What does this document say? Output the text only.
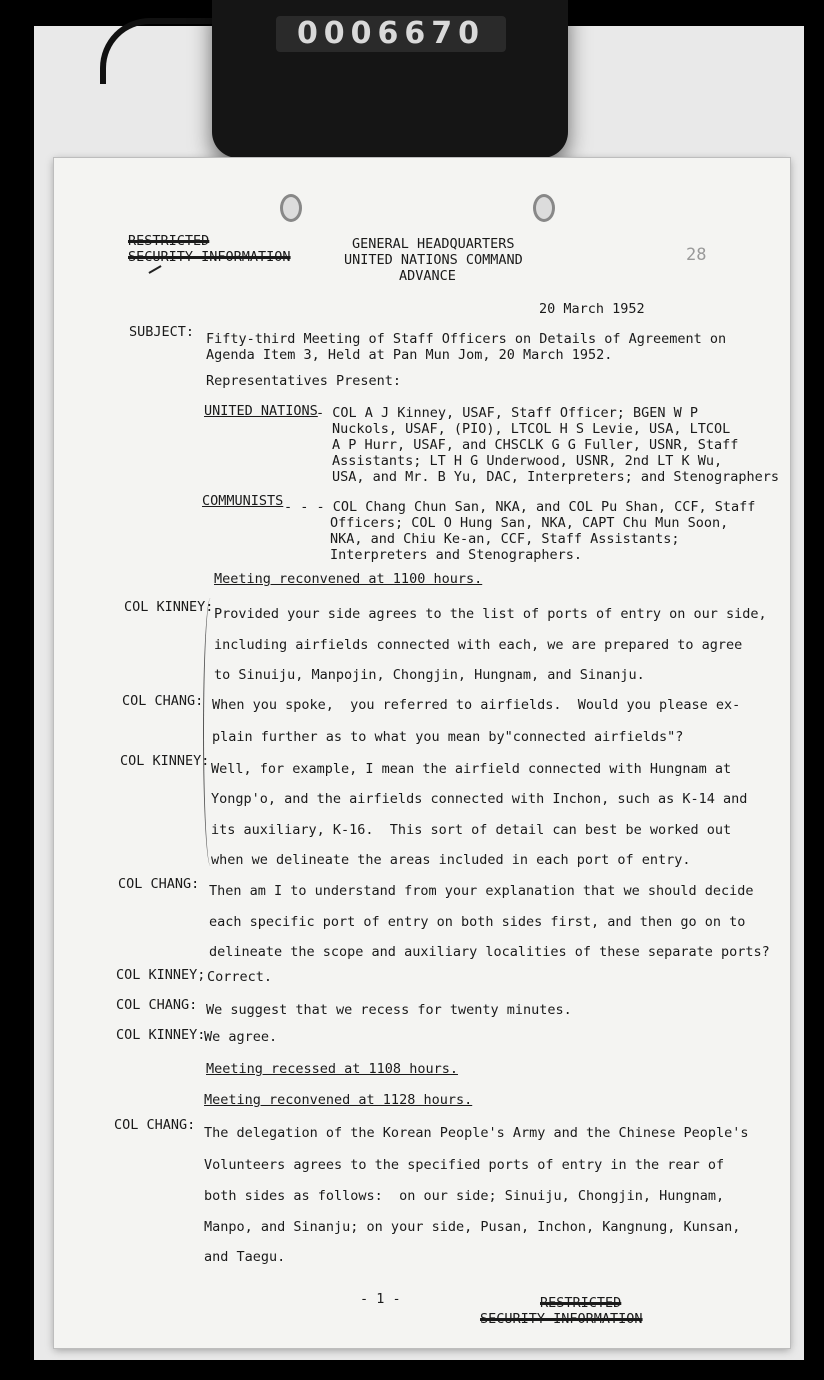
0006670
RESTRICTED
SECURITY INFORMATION
GENERAL HEADQUARTERS
UNITED NATIONS COMMAND
ADVANCE
28
20 March 1952
SUBJECT: Fifty-third Meeting of Staff Officers on Details of Agreement on
Agenda Item 3, Held at Pan Mun Jom, 20 March 1952.
Representatives Present:
UNITED NATIONS
- COL A J Kinney, USAF, Staff Officer; BGEN W P
Nuckols, USAF, (PIO), LTCOL H S Levie, USA, LTCOL
A P Hurr, USAF, and CHSCLK G G Fuller, USNR, Staff
Assistants; LT H G Underwood, USNR, 2nd LT K Wu,
USA, and Mr. B Yu, DAC, Interpreters; and Stenographers
COMMUNISTS - - - COL Chang Chun San, NKA, and COL Pu Shan, CCF, Staff
Officers; COL O Hung San, NKA, CAPT Chu Mun Soon,
NKA, and Chiu Ke-an, CCF, Staff Assistants;
Interpreters and Stenographers.
Meeting reconvened at 1100 hours.
COL KINNEY: Provided your side agrees to the list of ports of entry on our side,
including airfields connected with each, we are prepared to agree
to Sinuiju, Manpojin, Chongjin, Hungnam, and Sinanju.
COL CHANG: When you spoke,  you referred to airfields.  Would you please ex-
plain further as to what you mean by"connected airfields"?
COL KINNEY: Well, for example, I mean the airfield connected with Hungnam at
Yongp'o, and the airfields connected with Inchon, such as K-14 and
its auxiliary, K-16.  This sort of detail can best be worked out
when we delineate the areas included in each port of entry.
COL CHANG: Then am I to understand from your explanation that we should decide
each specific port of entry on both sides first, and then go on to
delineate the scope and auxiliary localities of these separate ports?
COL KINNEY; Correct.
COL CHANG: We suggest that we recess for twenty minutes.
COL KINNEY:
We agree.
Meeting recessed at 1108 hours.
Meeting reconvened at 1128 hours.
COL CHANG: The delegation of the Korean People's Army and the Chinese People's
Volunteers agrees to the specified ports of entry in the rear of
both sides as follows:  on our side; Sinuiju, Chongjin, Hungnam,
Manpo, and Sinanju; on your side, Pusan, Inchon, Kangnung, Kunsan,
and Taegu.
- 1 -	RESTRICTED
SECURITY INFORMATION
